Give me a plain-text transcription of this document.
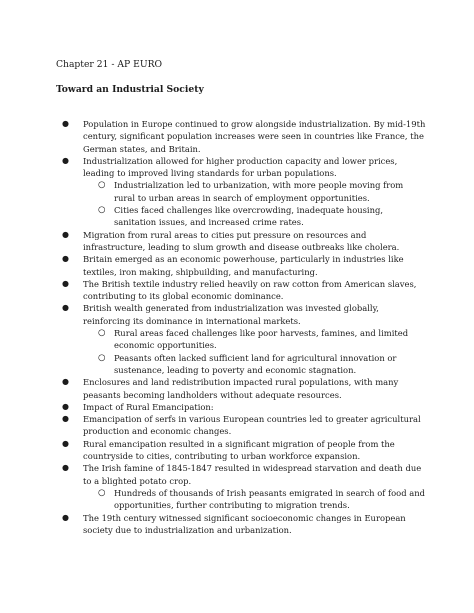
Chapter 21 - AP EURO
Toward an Industrial Society
● Population in Europe continued to grow alongside industrialization. By mid-19th century, significant population increases were seen in countries like France, the German states, and Britain.
● Industrialization allowed for higher production capacity and lower prices, leading to improved living standards for urban populations.
○ Industrialization led to urbanization, with more people moving from rural to urban areas in search of employment opportunities.
○ Cities faced challenges like overcrowding, inadequate housing, sanitation issues, and increased crime rates.
● Migration from rural areas to cities put pressure on resources and infrastructure, leading to slum growth and disease outbreaks like cholera.
● Britain emerged as an economic powerhouse, particularly in industries like textiles, iron making, shipbuilding, and manufacturing.
● The British textile industry relied heavily on raw cotton from American slaves, contributing to its global economic dominance.
● British wealth generated from industrialization was invested globally, reinforcing its dominance in international markets.
○ Rural areas faced challenges like poor harvests, famines, and limited economic opportunities.
○ Peasants often lacked sufficient land for agricultural innovation or sustenance, leading to poverty and economic stagnation.
● Enclosures and land redistribution impacted rural populations, with many peasants becoming landholders without adequate resources.
● Impact of Rural Emancipation:
● Emancipation of serfs in various European countries led to greater agricultural production and economic changes.
● Rural emancipation resulted in a significant migration of people from the countryside to cities, contributing to urban workforce expansion.
● The Irish famine of 1845-1847 resulted in widespread starvation and death due to a blighted potato crop.
○ Hundreds of thousands of Irish peasants emigrated in search of food and opportunities, further contributing to migration trends.
● The 19th century witnessed significant socioeconomic changes in European society due to industrialization and urbanization.
